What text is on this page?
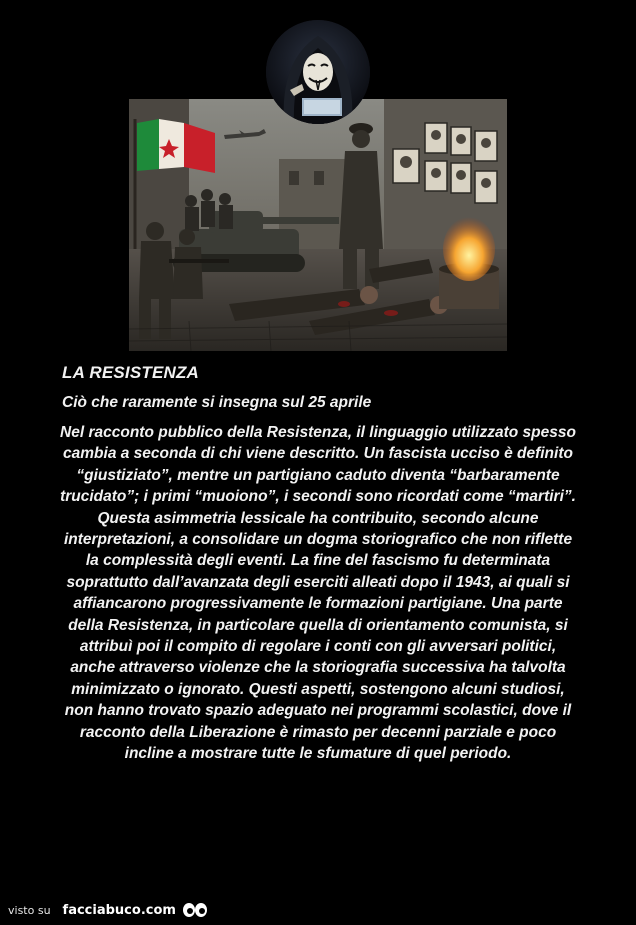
LA RESISTENZA
Ciò che raramente si insegna sul 25 aprile
Nel racconto pubblico della Resistenza, il linguaggio utilizzato spesso cambia a seconda di chi viene descritto. Un fascista ucciso è definito “giustiziato”, mentre un partigiano caduto diventa “barbaramente trucidato”; i primi “muoiono”, i secondi sono ricordati come “martiri”. Questa asimmetria lessicale ha contribuito, secondo alcune interpretazioni, a consolidare un dogma storiografico che non riflette la complessità degli eventi. La fine del fascismo fu determinata soprattutto dall’avanzata degli eserciti alleati dopo il 1943, ai quali si affiancarono progressivamente le formazioni partigiane. Una parte della Resistenza, in particolare quella di orientamento comunista, si attribuì poi il compito di regolare i conti con gli avversari politici, anche attraverso violenze che la storiografia successiva ha talvolta minimizzato o ignorato. Questi aspetti, sostengono alcuni studiosi, non hanno trovato spazio adeguato nei programmi scolastici, dove il racconto della Liberazione è rimasto per decenni parziale e poco incline a mostrare tutte le sfumature di quel periodo.
visto su facciabuco.com
